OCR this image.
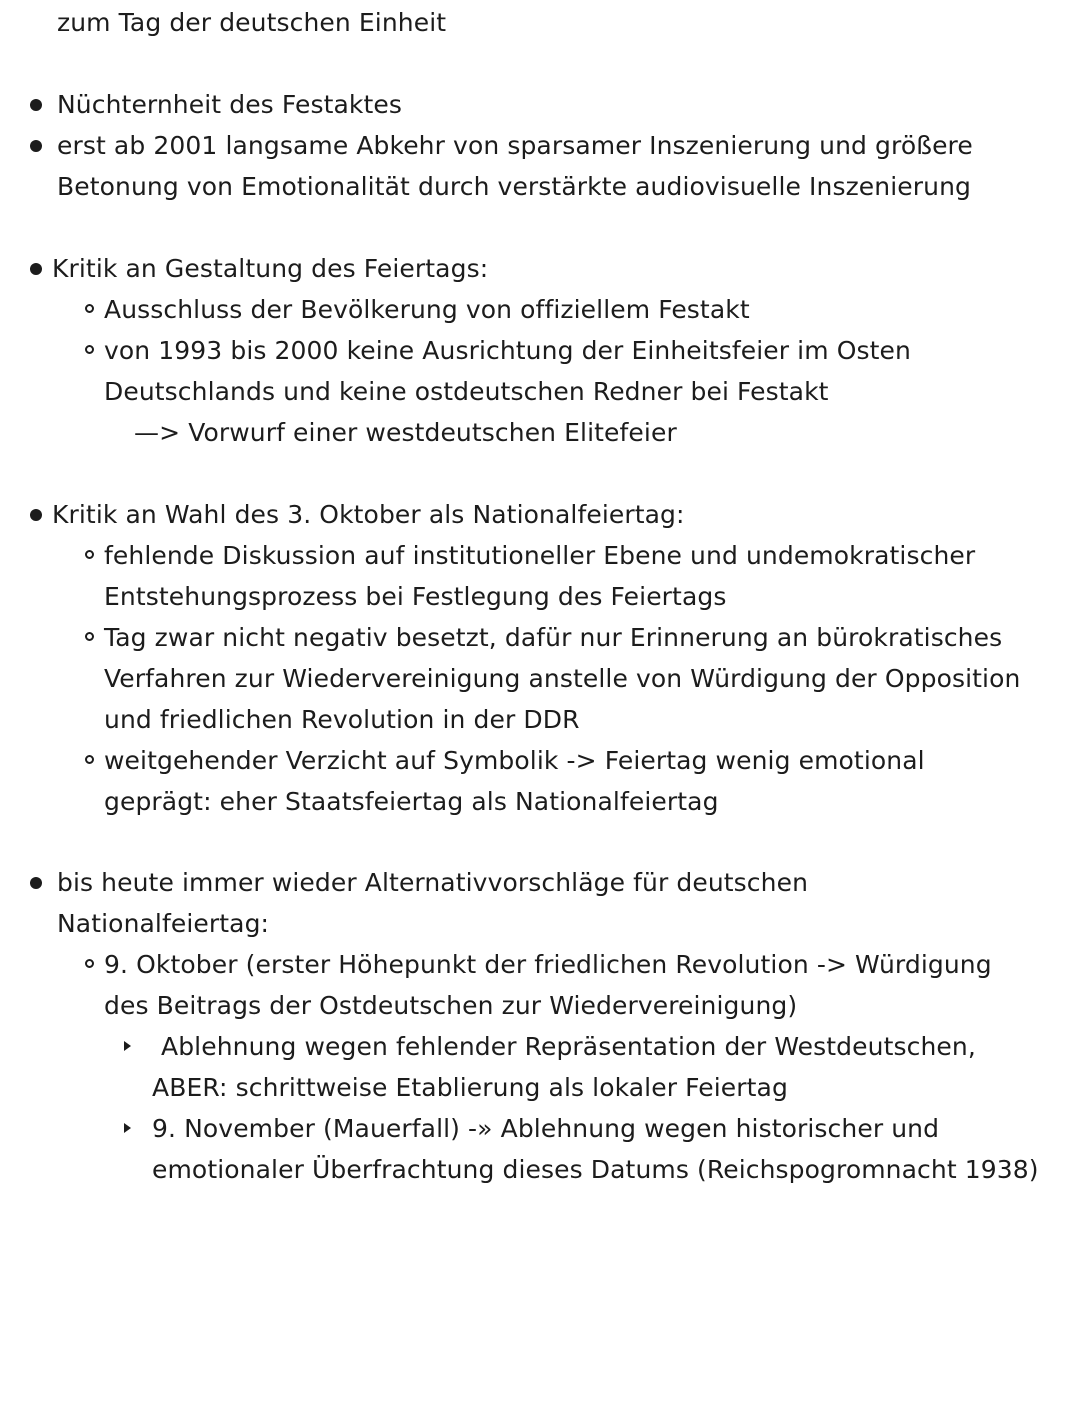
zum Tag der deutschen Einheit
Nüchternheit des Festaktes
erst ab 2001 langsame Abkehr von sparsamer Inszenierung und größere
Betonung von Emotionalität durch verstärkte audiovisuelle Inszenierung
Kritik an Gestaltung des Feiertags:
Ausschluss der Bevölkerung von offiziellem Festakt
von 1993 bis 2000 keine Ausrichtung der Einheitsfeier im Osten
Deutschlands und keine ostdeutschen Redner bei Festakt
—> Vorwurf einer westdeutschen Elitefeier
Kritik an Wahl des 3. Oktober als Nationalfeiertag:
fehlende Diskussion auf institutioneller Ebene und undemokratischer
Entstehungsprozess bei Festlegung des Feiertags
Tag zwar nicht negativ besetzt, dafür nur Erinnerung an bürokratisches
Verfahren zur Wiedervereinigung anstelle von Würdigung der Opposition
und friedlichen Revolution in der DDR
weitgehender Verzicht auf Symbolik -> Feiertag wenig emotional
geprägt: eher Staatsfeiertag als Nationalfeiertag
bis heute immer wieder Alternativvorschläge für deutschen
Nationalfeiertag:
9. Oktober (erster Höhepunkt der friedlichen Revolution -> Würdigung
des Beitrags der Ostdeutschen zur Wiedervereinigung)
Ablehnung wegen fehlender Repräsentation der Westdeutschen,
ABER: schrittweise Etablierung als lokaler Feiertag
9. November (Mauerfall) -» Ablehnung wegen historischer und
emotionaler Überfrachtung dieses Datums (Reichspogromnacht 1938)
